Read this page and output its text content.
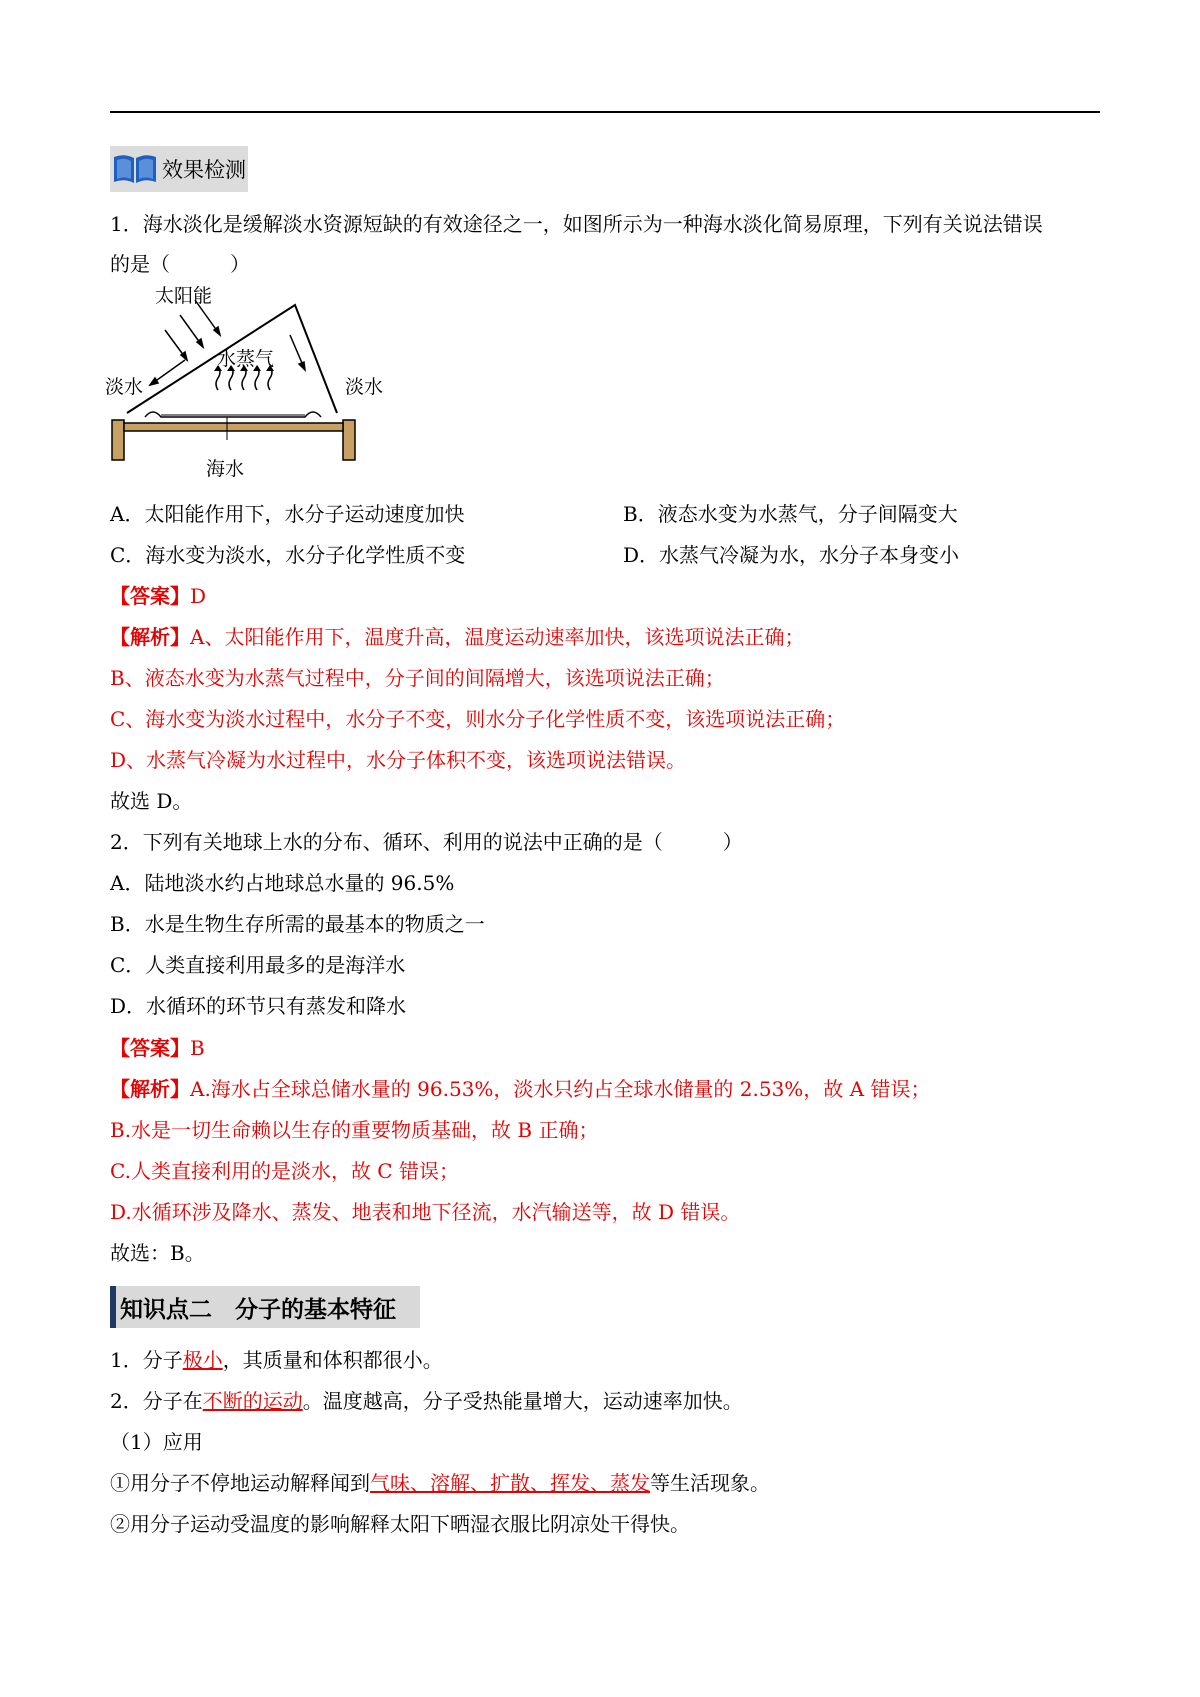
效果检测
1．海水淡化是缓解淡水资源短缺的有效途径之一，如图所示为一种海水淡化简易原理，下列有关说法错误
的是（　　　）
太阳能
水蒸气
淡水	淡水
海水
A．太阳能作用下，水分子运动速度加快	B．液态水变为水蒸气，分子间隔变大
C．海水变为淡水，水分子化学性质不变	D．水蒸气冷凝为水，水分子本身变小
【答案】D
【解析】A、太阳能作用下，温度升高，温度运动速率加快，该选项说法正确；
B、液态水变为水蒸气过程中，分子间的间隔增大，该选项说法正确；
C、海水变为淡水过程中，水分子不变，则水分子化学性质不变，该选项说法正确；
D、水蒸气冷凝为水过程中，水分子体积不变，该选项说法错误。
故选 D。
2．下列有关地球上水的分布、循环、利用的说法中正确的是（　　　）
A．陆地淡水约占地球总水量的 96.5%
B．水是生物生存所需的最基本的物质之一
C．人类直接利用最多的是海洋水
D．水循环的环节只有蒸发和降水
【答案】B
【解析】A.海水占全球总储水量的 96.53%，淡水只约占全球水储量的 2.53%，故 A 错误；
B.水是一切生命赖以生存的重要物质基础，故 B 正确；
C.人类直接利用的是淡水，故 C 错误；
D.水循环涉及降水、蒸发、地表和地下径流，水汽输送等，故 D 错误。
故选：B。
知识点二　分子的基本特征
1．分子极小，其质量和体积都很小。
2．分子在不断的运动。温度越高，分子受热能量增大，运动速率加快。
（1）应用
①用分子不停地运动解释闻到气味、溶解、扩散、挥发、蒸发等生活现象。
②用分子运动受温度的影响解释太阳下晒湿衣服比阴凉处干得快。
